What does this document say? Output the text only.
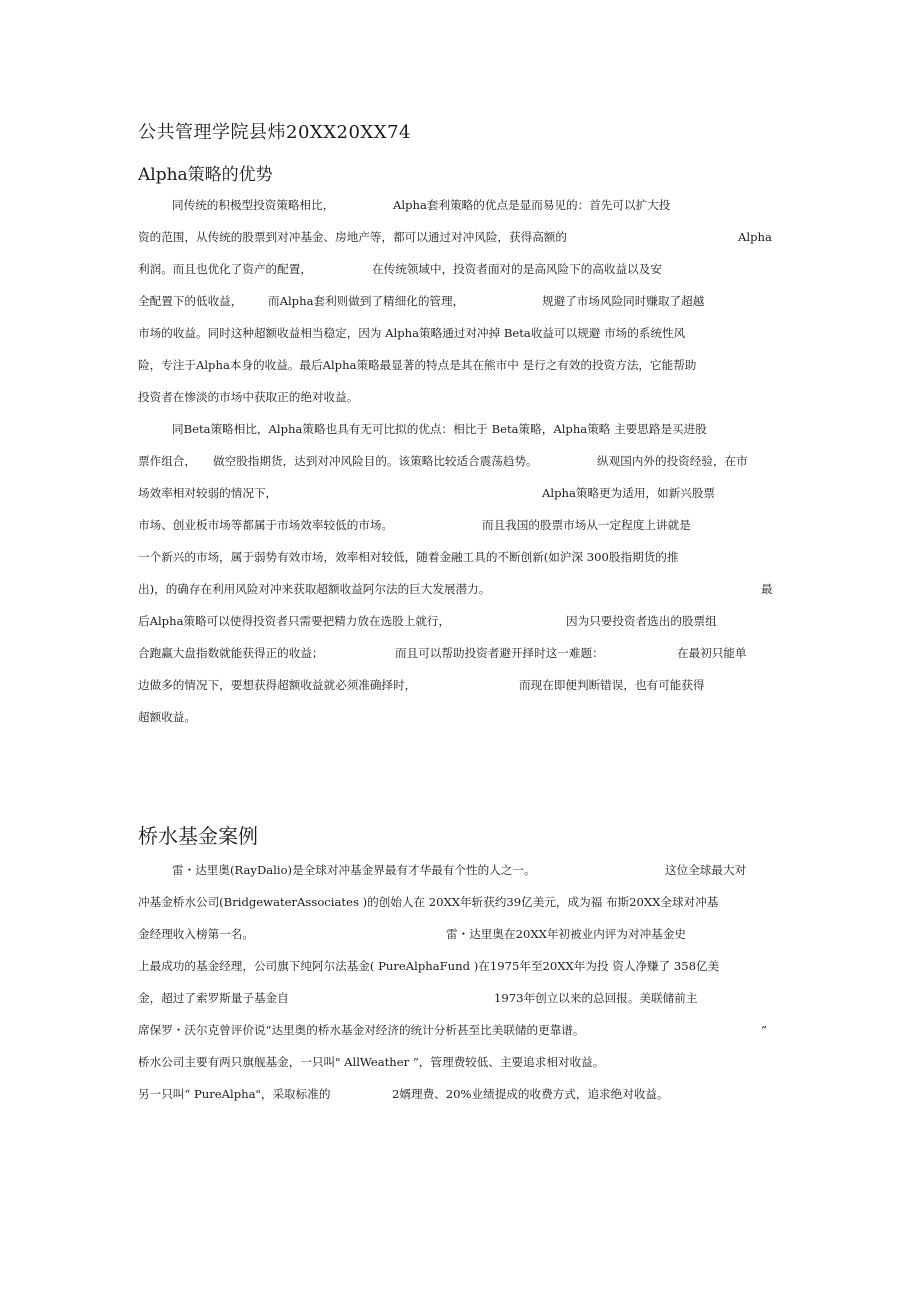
公共管理学院县炜20XX20XX74
Alpha策略的优势
同传统的积极型投资策略相比，	Alpha套利策略的优点是显而易见的：首先可以扩大投
资的范围，从传统的股票到对冲基金、房地产等，都可以通过对冲风险，获得高额的	Alpha
利润。而且也优化了资产的配置，	在传统领域中，投资者面对的是高风险下的高收益以及安
全配置下的低收益， 而Alpha套利则做到了精细化的管理，	规避了市场风险同时赚取了超越
市场的收益。同时这种超额收益相当稳定，因为 Alpha策略通过对冲掉 Beta收益可以规避 市场的系统性风
险，专注于Alpha本身的收益。最后Alpha策略最显著的特点是其在熊市中 是行之有效的投资方法，它能帮助
投资者在惨淡的市场中获取正的绝对收益。
同Beta策略相比，Alpha策略也具有无可比拟的优点：相比于 Beta策略，Alpha策略 主要思路是买进股
票作组合， 做空股指期货，达到对冲风险目的。该策略比较适合震荡趋势。	纵观国内外的投资经验，在市
场效率相对较弱的情况下，	Alpha策略更为适用，如新兴股票
市场、创业板市场等都属于市场效率较低的市场。	而且我国的股票市场从一定程度上讲就是
一个新兴的市场，属于弱势有效市场，效率相对较低，随着金融工具的不断创新(如沪深 300股指期货的推
出)，的确存在利用风险对冲来获取超额收益阿尔法的巨大发展潜力。	最
后Alpha策略可以使得投资者只需要把精力放在选股上就行，	因为只要投资者选出的股票组
合跑赢大盘指数就能获得正的收益；	而且可以帮助投资者避开择时这一难题：	在最初只能单
边做多的情况下，要想获得超额收益就必须准确择时，	而现在即便判断错误，也有可能获得
超额收益。
桥水基金案例
雷・达里奥(RayDalio)是全球对冲基金界最有才华最有个性的人之一。	这位全球最大对
冲基金桥水公司(BridgewaterAssociates )的创始人在 20XX年斩获约39亿美元，成为福 布斯20XX全球对冲基
金经理收入榜第一名。	雷・达里奥在20XX年初被业内评为对冲基金史
上最成功的基金经理，公司旗下纯阿尔法基金( PureAlphaFund )在1975年至20XX年为投 资人净赚了 358亿美
金，超过了索罗斯量子基金自	1973年创立以来的总回报。美联储前主
席保罗・沃尔克曾评价说“达里奥的桥水基金对经济的统计分析甚至比美联储的更靠谱。	”
桥水公司主要有两只旗舰基金，一只叫" AllWeather ”，管理费较低、主要追求相对收益。
另一只叫“ PureAlpha"，采取标准的	2婿理费、20%业绩提成的收费方式，追求绝对收益。
